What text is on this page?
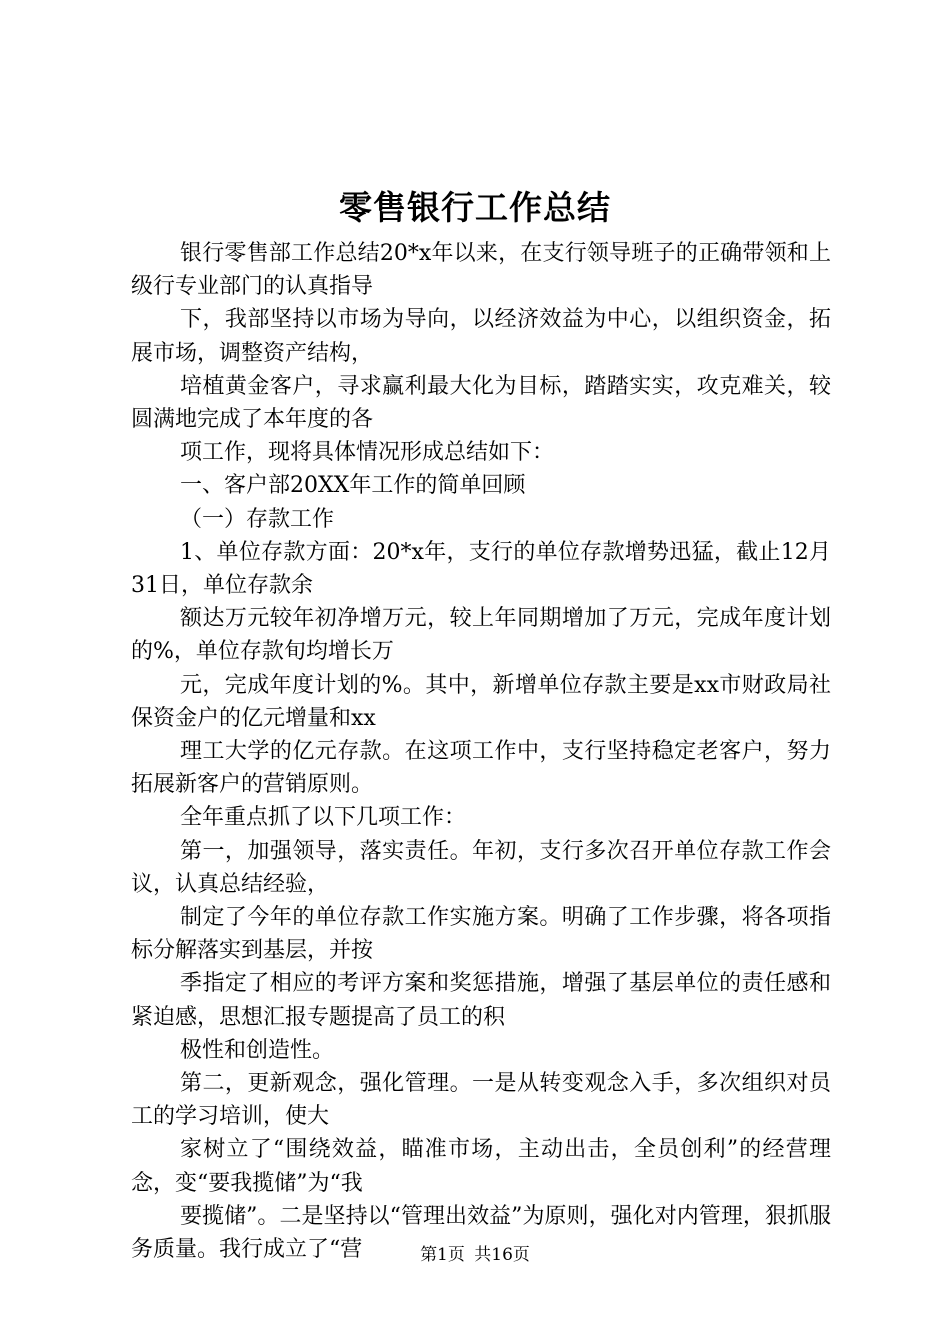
零售银行工作总结

银行零售部工作总结20*x年以来，在支行领导班子的正确带领和上级行专业部门的认真指导

下，我部坚持以市场为导向，以经济效益为中心，以组织资金，拓展市场，调整资产结构，

培植黄金客户，寻求赢利最大化为目标，踏踏实实，攻克难关，较圆满地完成了本年度的各

项工作，现将具体情况形成总结如下：

一、客户部20XX年工作的简单回顾

（一）存款工作

1、单位存款方面：20*x年，支行的单位存款增势迅猛，截止12月31日，单位存款余

额达万元较年初净增万元，较上年同期增加了万元，完成年度计划的%，单位存款旬均增长万

元，完成年度计划的%。其中，新增单位存款主要是xx市财政局社保资金户的亿元增量和xx

理工大学的亿元存款。在这项工作中，支行坚持稳定老客户，努力拓展新客户的营销原则。

全年重点抓了以下几项工作：

第一，加强领导，落实责任。年初，支行多次召开单位存款工作会议，认真总结经验，

制定了今年的单位存款工作实施方案。明确了工作步骤，将各项指标分解落实到基层，并按

季指定了相应的考评方案和奖惩措施，增强了基层单位的责任感和紧迫感，思想汇报专题提高了员工的积

极性和创造性。

第二，更新观念，强化管理。一是从转变观念入手，多次组织对员工的学习培训，使大

家树立了“围绕效益，瞄准市场，主动出击，全员创利”的经营理念，变“要我揽储”为“我

要揽储”。二是坚持以“管理出效益”为原则，强化对内管理，狠抓服务质量。我行成立了“营	第1页 共16页
